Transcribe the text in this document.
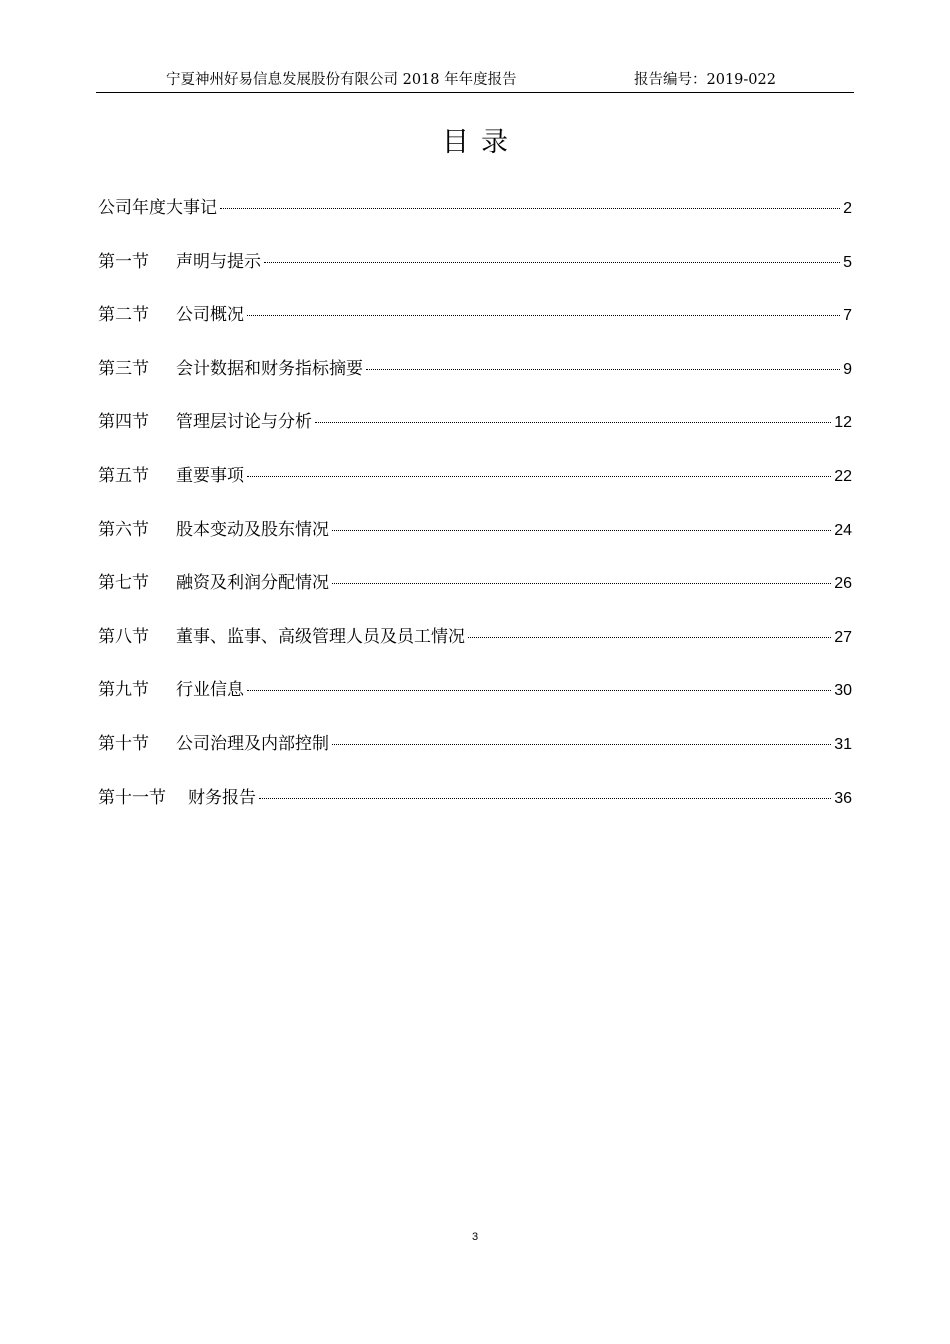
宁夏神州好易信息发展股份有限公司 2018 年年度报告	报告编号：2019-022
目录
公司年度大事记	2
第一节 声明与提示	5
第二节 公司概况	7
第三节 会计数据和财务指标摘要	9
第四节 管理层讨论与分析	12
第五节 重要事项	22
第六节 股本变动及股东情况	24
第七节 融资及利润分配情况	26
第八节 董事、监事、高级管理人员及员工情况	27
第九节 行业信息	30
第十节 公司治理及内部控制	31
第十一节 财务报告	36
3
